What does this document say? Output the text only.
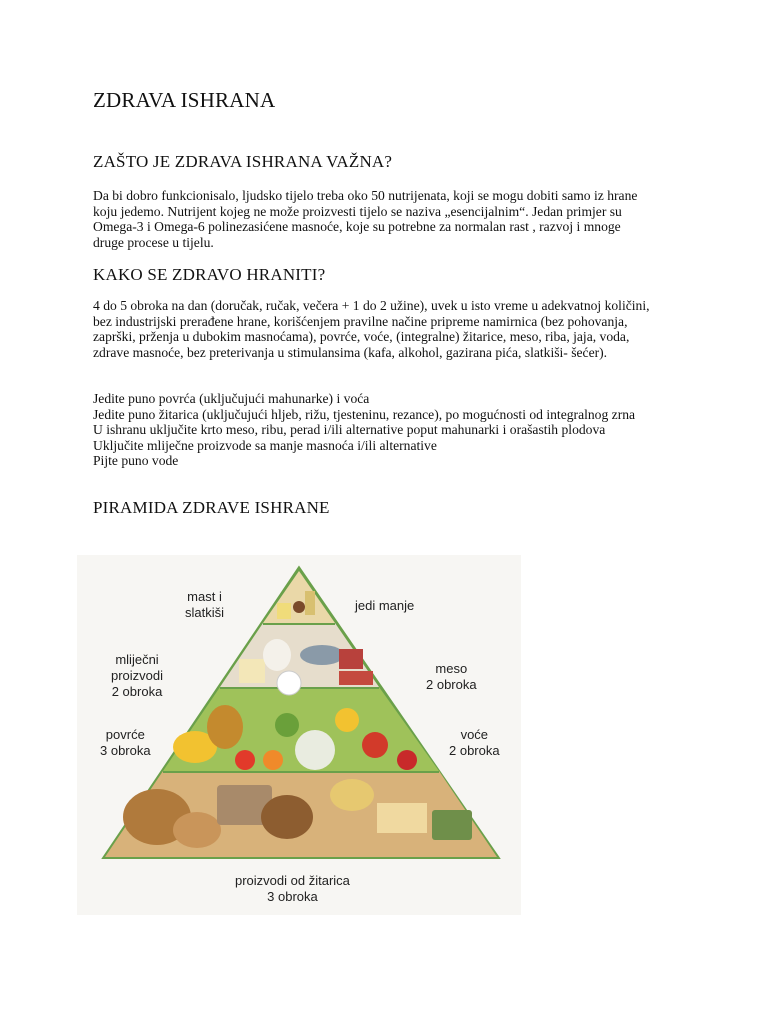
ZDRAVA ISHRANA
ZAŠTO JE ZDRAVA ISHRANA VAŽNA?

Da bi dobro funkcionisalo, ljudsko tijelo treba oko 50 nutrijenata, koji se mogu dobiti samo iz hrane
koju jedemo. Nutrijent kojeg ne može proizvesti tijelo se naziva „esencijalnim“. Jedan primjer su
Omega-3 i Omega-6 polinezasićene masnoće, koje su potrebne za normalan rast , razvoj i mnoge
druge procese u tijelu.

KAKO SE ZDRAVO HRANITI?

4 do 5 obroka na dan (doručak, ručak, večera + 1 do 2 užine), uvek u isto vreme u adekvatnoj količini,
bez industrijski prerađene hrane, korišćenjem pravilne načine pripreme namirnica (bez pohovanja,
zaprški, prženja u dubokim masnoćama), povrće, voće, (integralne) žitarice, meso, riba, jaja, voda,
zdrave masnoće, bez preterivanja u stimulansima (kafa, alkohol, gazirana pića, slatkiši- šećer).

Jedite puno povrća (uključujući mahunarke) i voća
Jedite puno žitarica (uključujući hljeb, rižu, tjesteninu, rezance), po mogućnosti od integralnog zrna
U ishranu uključite krto meso, ribu, perad i/ili alternative poput mahunarki i orašastih plodova
Uključite mliječne proizvode sa manje masnoća i/ili alternative
Pijte puno vode

PIRAMIDA ZDRAVE ISHRANE
mast i
slatkiši	jedi manje
mliječni
proizvodi
2 obroka
meso
2 obroka
povrće
3 obroka
voće
2 obroka
proizvodi od žitarica
3 obroka
